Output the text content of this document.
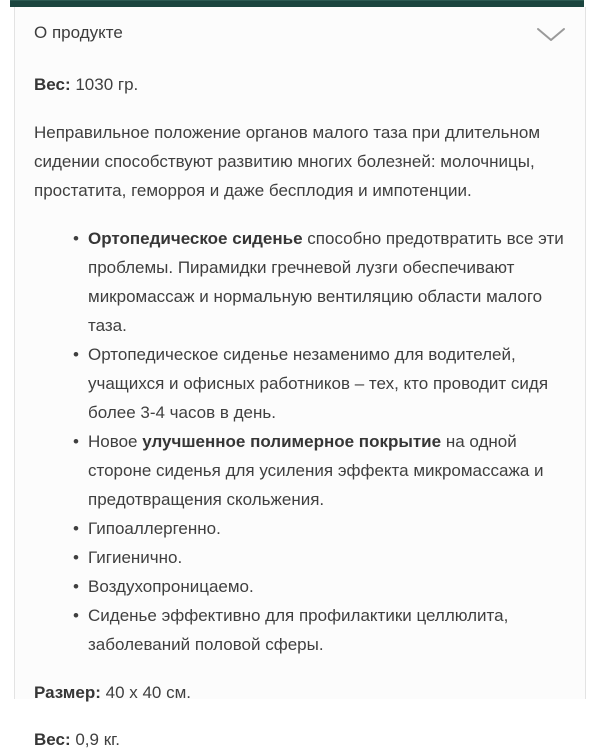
О продукте

Вес: 1030 гр.

Неправильное положение органов малого таза при длительном сидении способствуют развитию многих болезней: молочницы, простатита, геморроя и даже бесплодия и импотенции.

• Ортопедическое сиденье способно предотвратить все эти проблемы. Пирамидки гречневой лузги обеспечивают микромассаж и нормальную вентиляцию области малого таза.
• Ортопедическое сиденье незаменимо для водителей, учащихся и офисных работников – тех, кто проводит сидя более 3-4 часов в день.
• Новое улучшенное полимерное покрытие на одной стороне сиденья для усиления эффекта микромассажа и предотвращения скольжения.
• Гипоаллергенно.
• Гигиенично.
• Воздухопроницаемо.
• Сиденье эффективно для профилактики целлюлита, заболеваний половой сферы.

Размер: 40 х 40 см.

Вес: 0,9 кг.
